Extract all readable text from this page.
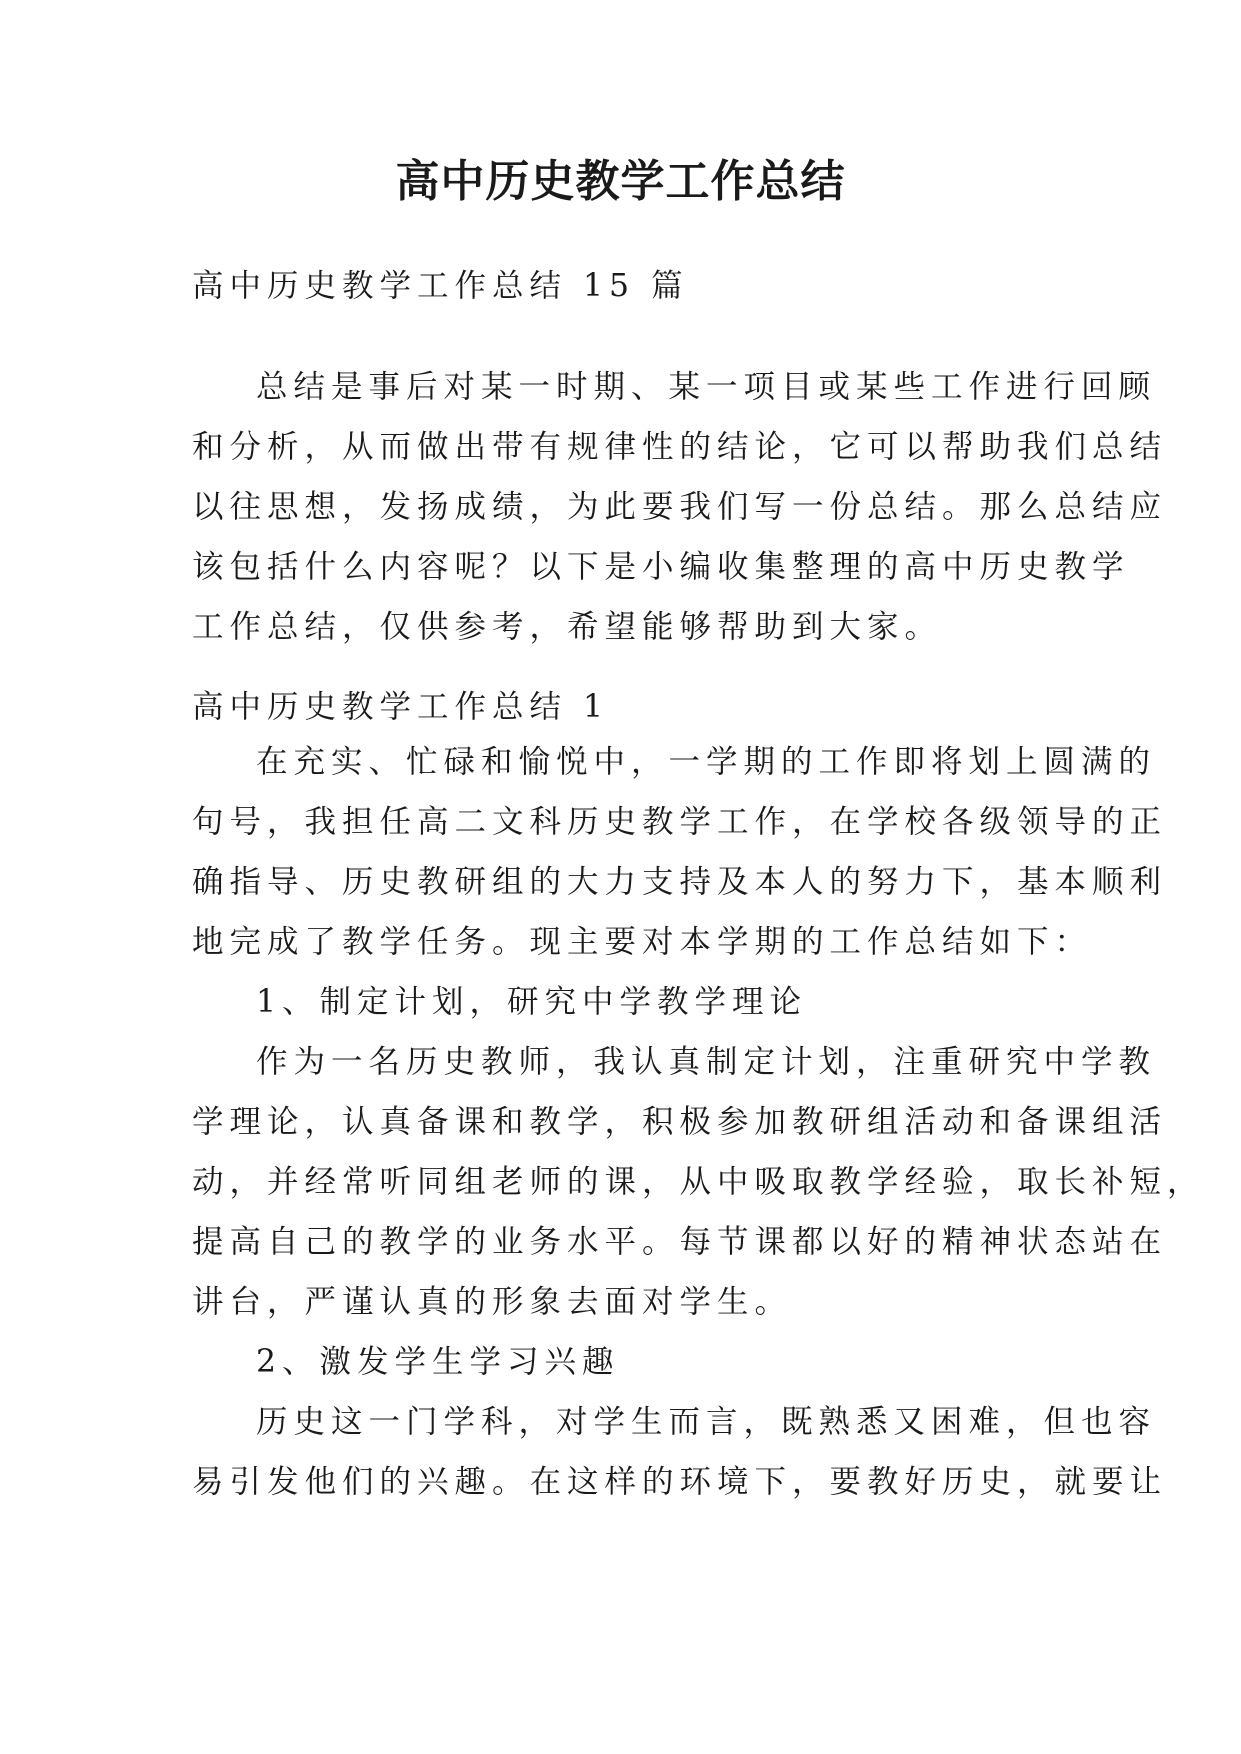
高中历史教学工作总结

高中历史教学工作总结 15 篇

总结是事后对某一时期、某一项目或某些工作进行回顾
和分析，从而做出带有规律性的结论，它可以帮助我们总结
以往思想，发扬成绩，为此要我们写一份总结。那么总结应
该包括什么内容呢？以下是小编收集整理的高中历史教学
工作总结，仅供参考，希望能够帮助到大家。

高中历史教学工作总结 1

在充实、忙碌和愉悦中，一学期的工作即将划上圆满的
句号，我担任高二文科历史教学工作，在学校各级领导的正
确指导、历史教研组的大力支持及本人的努力下，基本顺利
地完成了教学任务。现主要对本学期的工作总结如下：
1、制定计划，研究中学教学理论
作为一名历史教师，我认真制定计划，注重研究中学教
学理论，认真备课和教学，积极参加教研组活动和备课组活
动，并经常听同组老师的课，从中吸取教学经验，取长补短，
提高自己的教学的业务水平。每节课都以好的精神状态站在
讲台，严谨认真的形象去面对学生。
2、激发学生学习兴趣
历史这一门学科，对学生而言，既熟悉又困难，但也容
易引发他们的兴趣。在这样的环境下，要教好历史，就要让
